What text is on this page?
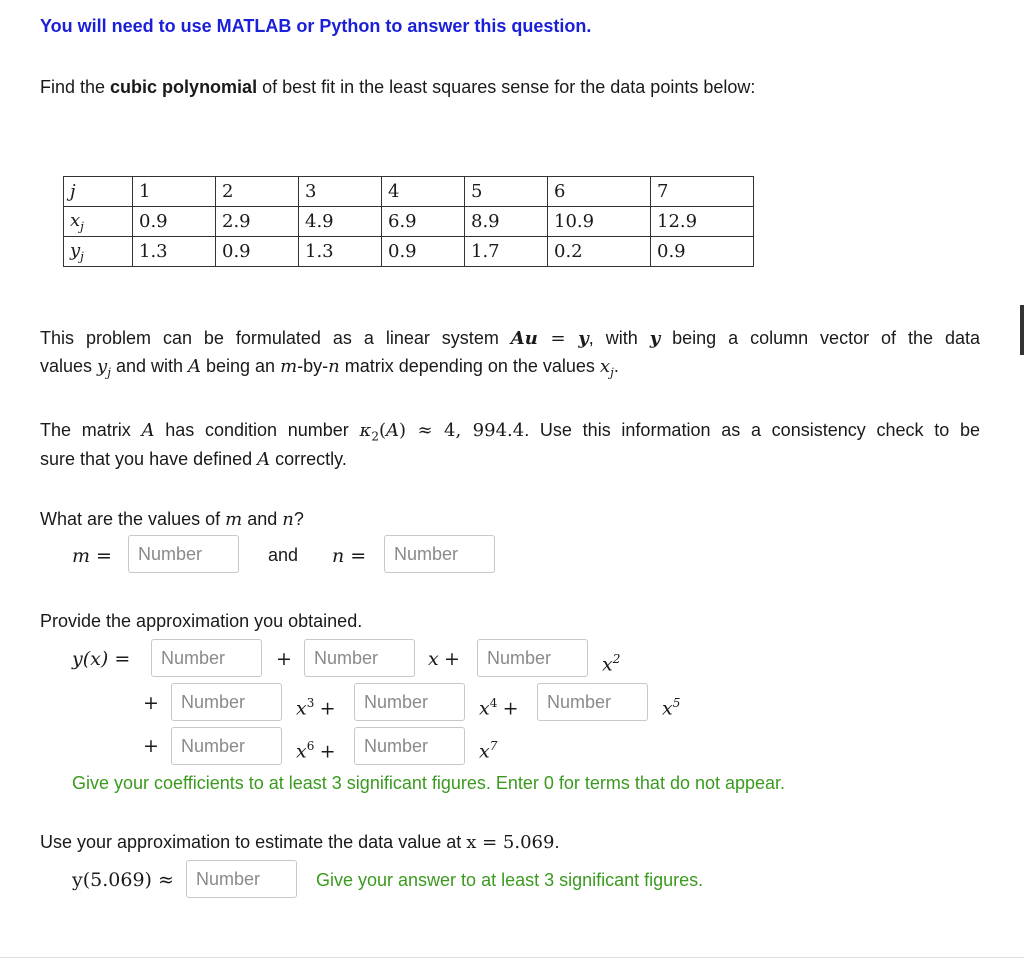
You will need to use MATLAB or Python to answer this question.
Find the cubic polynomial of best fit in the least squares sense for the data points below:
j	1	2	3	4	5	6	7
$x_j$	0.9	2.9	4.9	6.9	8.9	10.9	12.9
$y_j$	1.3	0.9	1.3	0.9	1.7	0.2	0.9
This problem can be formulated as a linear system Au = y, with y being a column vector of the data
values $y_j$ and with A being an m-by-n matrix depending on the values $x_j$.
The matrix A has condition number $\kappa_2(A) \approx 4$, 994.4. Use this information as a consistency check to be
sure that you have defined A correctly.
What are the values of m and n?
m =
Number	and n =
Number
Provide the approximation you obtained.
y(x) =
Number	+
Number	x +
Number	$x^2$
+
Number	$x^3$ +
Number	$x^4$ +
Number	$x^5$
+
Number	$x^6$ +
Number	$x^7$
Give your coefficients to at least 3 significant figures. Enter 0 for terms that do not appear.
Use your approximation to estimate the data value at x = 5.069.
y(5.069) ≈
Number	Give your answer to at least 3 significant figures.
